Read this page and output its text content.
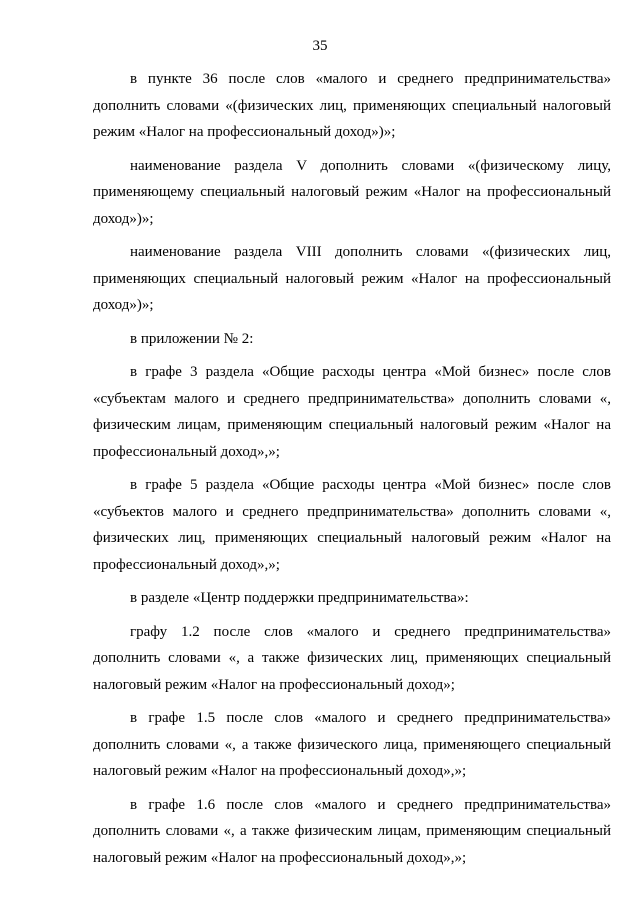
35

в пункте 36 после слов «малого и среднего предпринимательства» дополнить словами «(физических лиц, применяющих специальный налоговый режим «Налог на профессиональный доход»)»;

наименование раздела V дополнить словами «(физическому лицу, применяющему специальный налоговый режим «Налог на профессиональный доход»)»;

наименование раздела VIII дополнить словами «(физических лиц, применяющих специальный налоговый режим «Налог на профессиональный доход»)»;

в приложении № 2:

в графе 3 раздела «Общие расходы центра «Мой бизнес» после слов «субъектам малого и среднего предпринимательства» дополнить словами «, физическим лицам, применяющим специальный налоговый режим «Налог на профессиональный доход»,»;

в графе 5 раздела «Общие расходы центра «Мой бизнес» после слов «субъектов малого и среднего предпринимательства» дополнить словами «, физических лиц, применяющих специальный налоговый режим «Налог на профессиональный доход»,»;

в разделе «Центр поддержки предпринимательства»:

графу 1.2 после слов «малого и среднего предпринимательства» дополнить словами «, а также физических лиц, применяющих специальный налоговый режим «Налог на профессиональный доход»;

в графе 1.5 после слов «малого и среднего предпринимательства» дополнить словами «, а также физического лица, применяющего специальный налоговый режим «Налог на профессиональный доход»,»;

в графе 1.6 после слов «малого и среднего предпринимательства» дополнить словами «, а также физическим лицам, применяющим специальный налоговый режим «Налог на профессиональный доход»,»;
